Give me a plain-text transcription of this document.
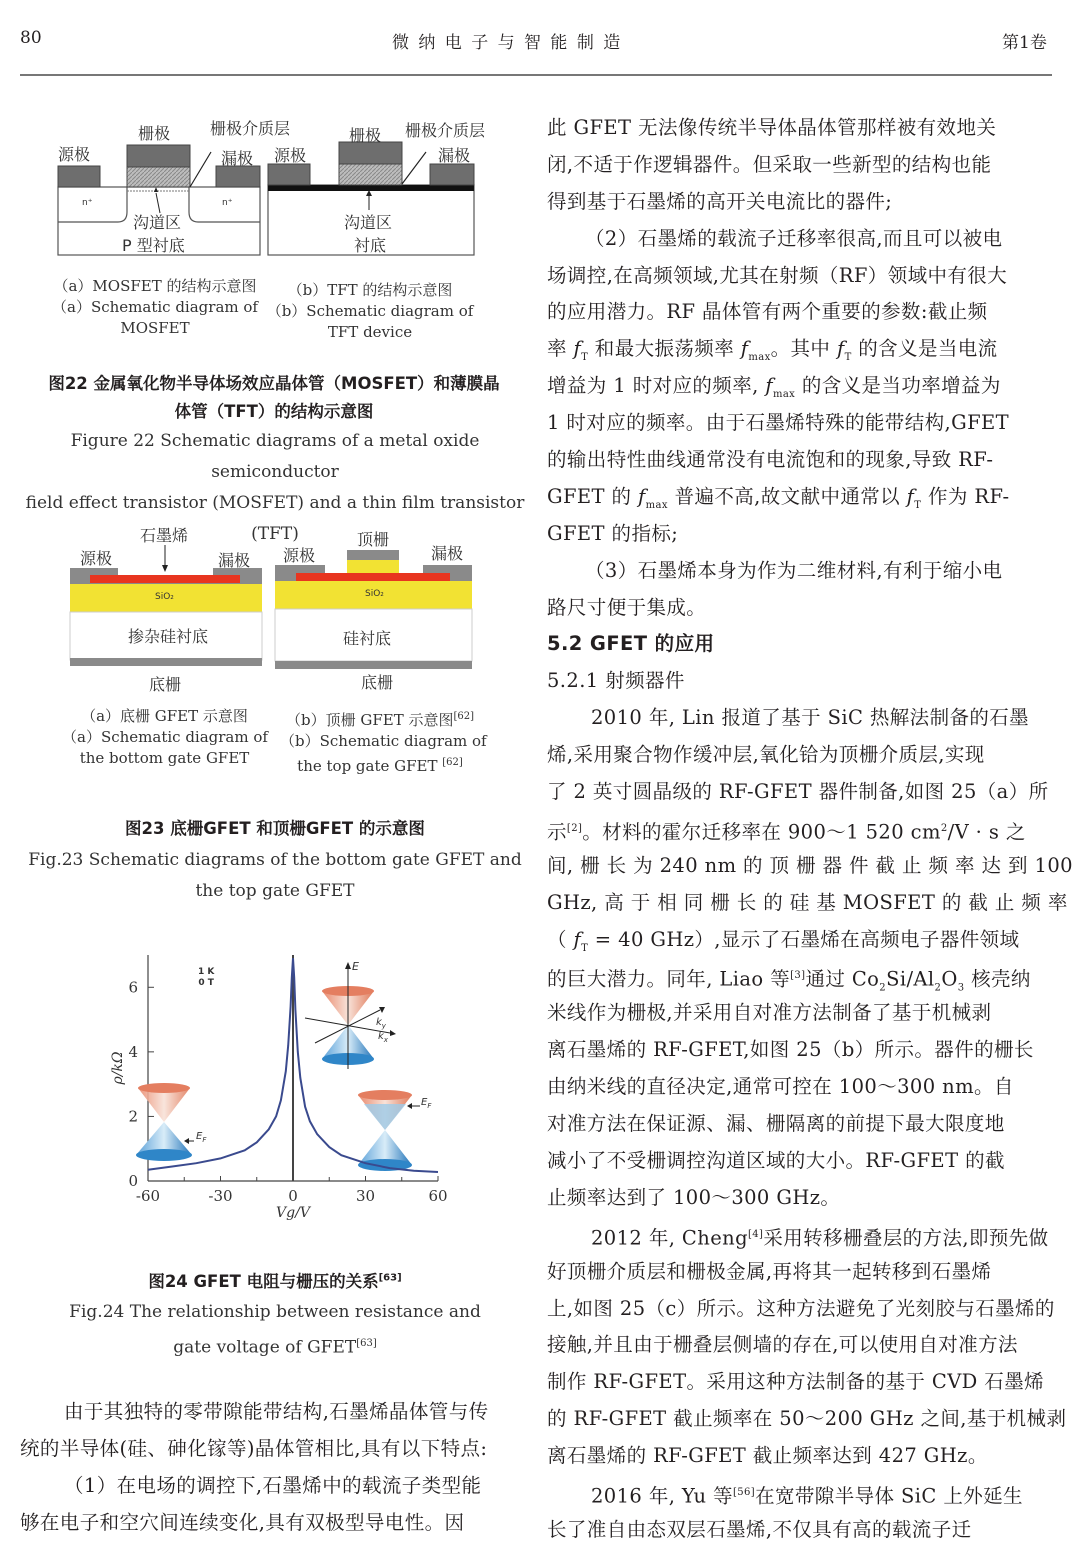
80	微 纳 电 子 与 智 能 制 造	第1卷
栅极 栅极介质层
源极	漏极
n⁺	n⁺
沟道区
P 型衬底
栅极 栅极介质层
源极	漏极
沟道区
衬底
（a）MOSFET 的结构示意图
（a）Schematic diagram of
MOSFET
（b）TFT 的结构示意图
（b）Schematic diagram of
TFT device
图22 金属氧化物半导体场效应晶体管（MOSFET）和薄膜晶
体管（TFT）的结构示意图
Figure 22 Schematic diagrams of a metal oxide semiconductor
field effect transistor (MOSFET) and a thin film transistor (TFT)
石墨烯
源极	漏极
SiO₂
掺杂硅衬底
底栅
顶栅
源极	漏极
SiO₂
硅衬底
底栅
（a）底栅 GFET 示意图
（a）Schematic diagram of
the bottom gate GFET
（b）顶栅 GFET 示意图[62]
（b）Schematic diagram of
the top gate GFET [62]
图23 底栅GFET 和顶栅GFET 的示意图
Fig.23 Schematic diagrams of the bottom gate GFET and
the top gate GFET
-60	-30	0	30	60
0
2
4
6
Vg/V
ρ/kΩ
1 K
0 T
E
$k_y$
$k_x$
$E_F$
$E_F$
图24 GFET 电阻与栅压的关系[63]
Fig.24 The relationship between resistance and
gate voltage of GFET[63]
由于其独特的零带隙能带结构,石墨烯晶体管与传
统的半导体(硅、砷化镓等)晶体管相比,具有以下特点:
（1）在电场的调控下,石墨烯中的载流子类型能
够在电子和空穴间连续变化,具有双极型导电性。因
此 GFET 无法像传统半导体晶体管那样被有效地关
闭,不适于作逻辑器件。但采取一些新型的结构也能
得到基于石墨烯的高开关电流比的器件;
（2）石墨烯的载流子迁移率很高,而且可以被电
场调控,在高频领域,尤其在射频（RF）领域中有很大
的应用潜力。RF 晶体管有两个重要的参数:截止频
率 $f_T$ 和最大振荡频率 $f_{max}$。其中 $f_T$ 的含义是当电流
增益为 1 时对应的频率, $f_{max}$ 的含义是当功率增益为
1 时对应的频率。由于石墨烯特殊的能带结构,GFET
的输出特性曲线通常没有电流饱和的现象,导致 RF-
GFET 的 $f_{max}$ 普遍不高,故文献中通常以 $f_T$ 作为 RF-
GFET 的指标;
（3）石墨烯本身为作为二维材料,有利于缩小电
路尺寸便于集成。
5.2 GFET 的应用
5.2.1 射频器件
2010 年, Lin 报道了基于 SiC 热解法制备的石墨
烯,采用聚合物作缓冲层,氧化铪为顶栅介质层,实现
了 2 英寸圆晶级的 RF-GFET 器件制备,如图 25（a）所
示[2]。材料的霍尔迁移率在 900～1 520 $cm^2/V \cdot s$ 之
间, 栅 长 为 240 nm 的 顶 栅 器 件 截 止 频 率 达 到 100
GHz, 高 于 相 同 栅 长 的 硅 基 MOSFET 的 截 止 频 率
（ $f_T = 40$ GHz）,显示了石墨烯在高频电子器件领域
的巨大潜力。同年, Liao 等[3]通过 $Co_2Si/Al_2O_3$ 核壳纳
米线作为栅极,并采用自对准方法制备了基于机械剥
离石墨烯的 RF-GFET,如图 25（b）所示。器件的栅长
由纳米线的直径决定,通常可控在 100～300 nm。自
对准方法在保证源、漏、栅隔离的前提下最大限度地
减小了不受栅调控沟道区域的大小。RF-GFET 的截
止频率达到了 100～300 GHz。
2012 年, Cheng[4]采用转移栅叠层的方法,即预先做
好顶栅介质层和栅极金属,再将其一起转移到石墨烯
上,如图 25（c）所示。这种方法避免了光刻胶与石墨烯的
接触,并且由于栅叠层侧墙的存在,可以使用自对准方法
制作 RF-GFET。采用这种方法制备的基于 CVD 石墨烯
的 RF-GFET 截止频率在 50～200 GHz 之间,基于机械剥
离石墨烯的 RF-GFET 截止频率达到 427 GHz。
2016 年, Yu 等[56]在宽带隙半导体 SiC 上外延生
长了准自由态双层石墨烯,不仅具有高的载流子迁
